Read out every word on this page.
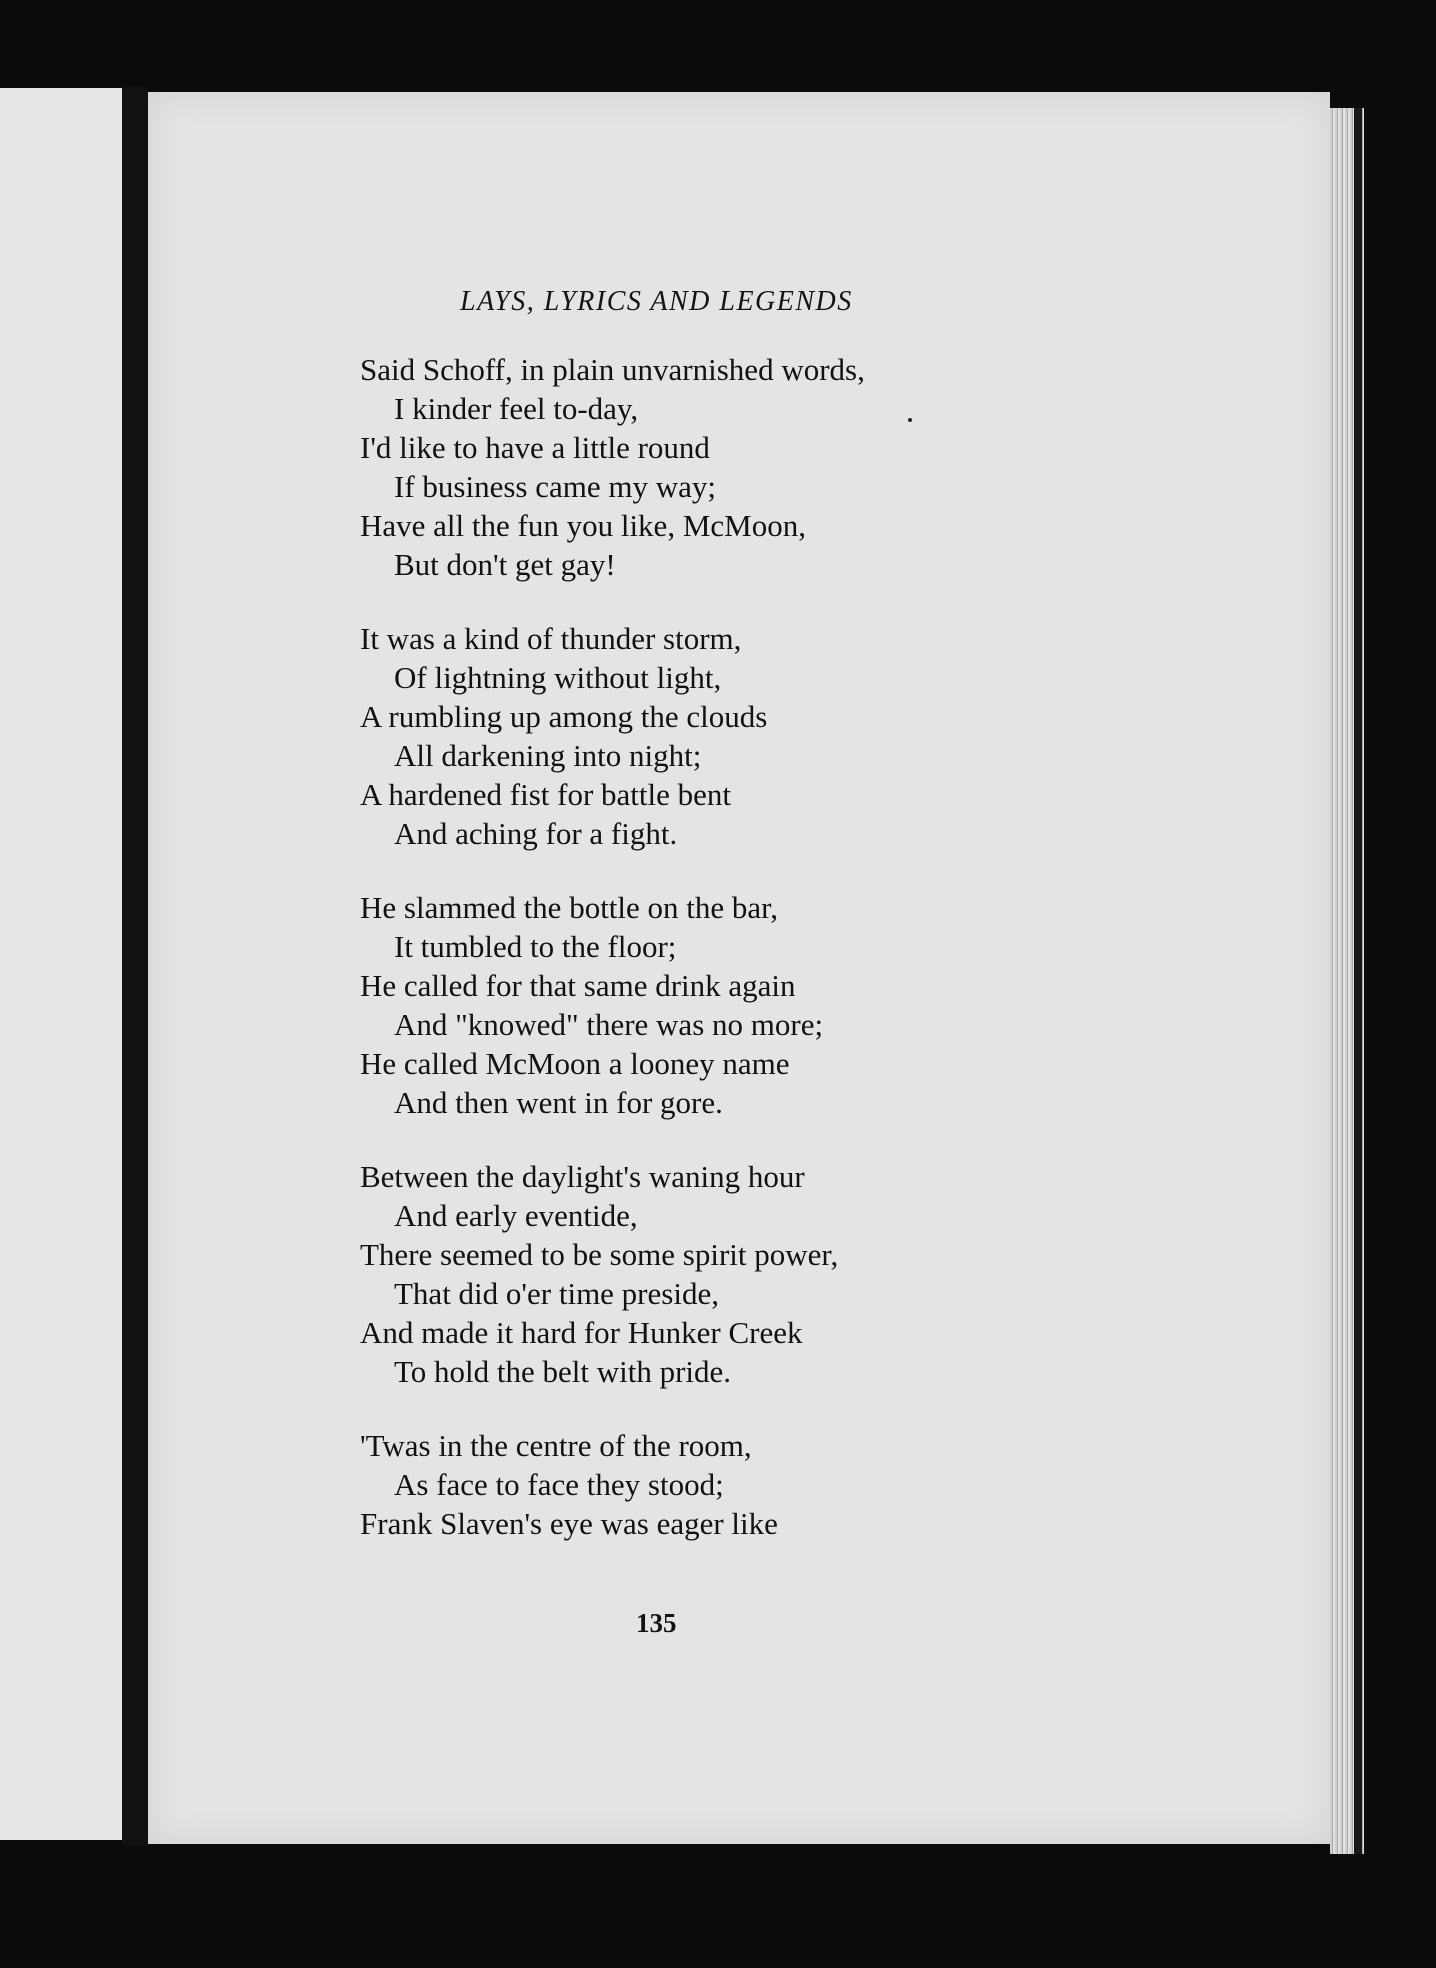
LAYS, LYRICS AND LEGENDS
Said Schoff, in plain unvarnished words,
I kinder feel to-day,
I'd like to have a little round
If business came my way;
Have all the fun you like, McMoon,
But don't get gay!
It was a kind of thunder storm,
Of lightning without light,
A rumbling up among the clouds
All darkening into night;
A hardened fist for battle bent
And aching for a fight.
He slammed the bottle on the bar,
It tumbled to the floor;
He called for that same drink again
And "knowed" there was no more;
He called McMoon a looney name
And then went in for gore.
Between the daylight's waning hour
And early eventide,
There seemed to be some spirit power,
That did o'er time preside,
And made it hard for Hunker Creek
To hold the belt with pride.
'Twas in the centre of the room,
As face to face they stood;
Frank Slaven's eye was eager like
135
